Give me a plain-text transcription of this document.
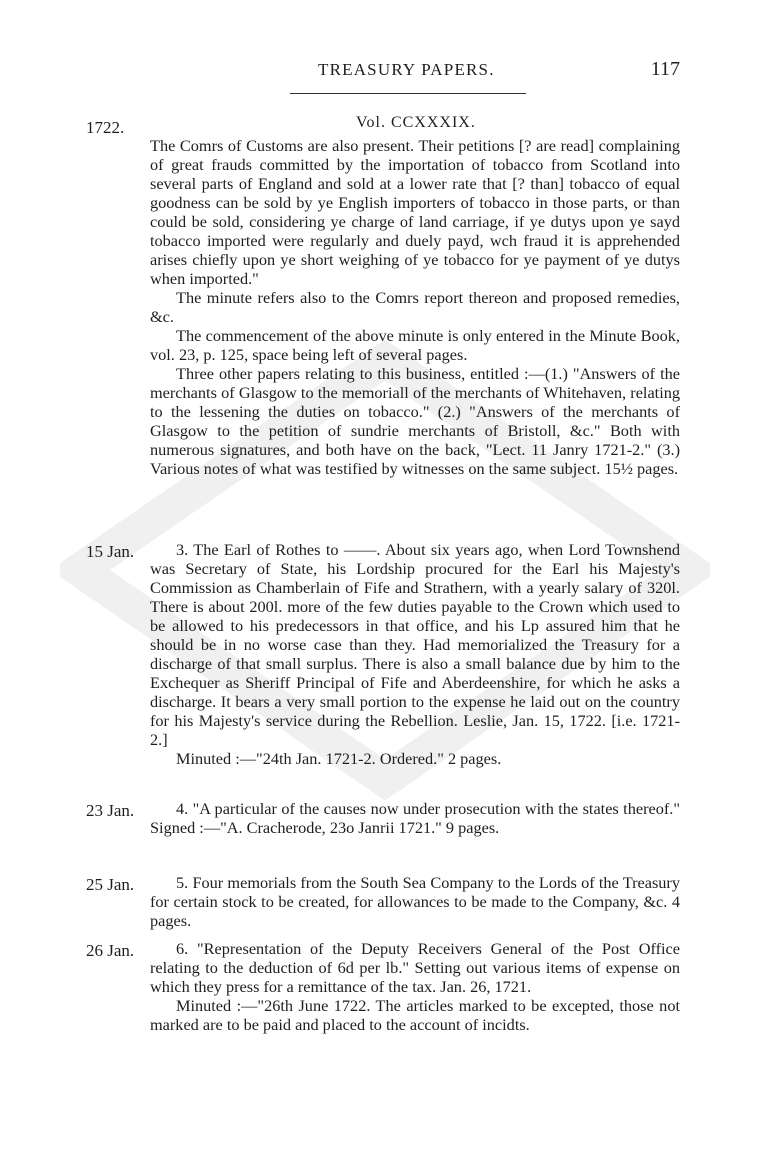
TREASURY PAPERS.	117
Vol. CCXXXIX.
1722.

The Comrs of Customs are also present. Their petitions [? are read] complaining of great frauds committed by the importation of tobacco from Scotland into several parts of England and sold at a lower rate that [? than] tobacco of equal goodness can be sold by ye English importers of tobacco in those parts, or than could be sold, considering ye charge of land carriage, if ye dutys upon ye sayd tobacco imported were regularly and duely payd, wch fraud it is apprehended arises chiefly upon ye short weighing of ye tobacco for ye payment of ye dutys when imported."

The minute refers also to the Comrs report thereon and proposed remedies, &c.

The commencement of the above minute is only entered in the Minute Book, vol. 23, p. 125, space being left of several pages.

Three other papers relating to this business, entitled :—(1.) "Answers of the merchants of Glasgow to the memoriall of the merchants of Whitehaven, relating to the lessening the duties on tobacco." (2.) "Answers of the merchants of Glasgow to the petition of sundrie merchants of Bristoll, &c." Both with numerous signatures, and both have on the back, "Lect. 11 Janry 1721-2." (3.) Various notes of what was testified by witnesses on the same subject. 15½ pages.

15 Jan.	3. The Earl of Rothes to ——. About six years ago, when Lord Townshend was Secretary of State, his Lordship procured for the Earl his Majesty's Commission as Chamberlain of Fife and Strathern, with a yearly salary of 320l. There is about 200l. more of the few duties payable to the Crown which used to be allowed to his predecessors in that office, and his Lp assured him that he should be in no worse case than they. Had memorialized the Treasury for a discharge of that small surplus. There is also a small balance due by him to the Exchequer as Sheriff Principal of Fife and Aberdeenshire, for which he asks a discharge. It bears a very small portion to the expense he laid out on the country for his Majesty's service during the Rebellion. Leslie, Jan. 15, 1722. [i.e. 1721-2.]

Minuted :—"24th Jan. 1721-2. Ordered." 2 pages.

23 Jan.	4. "A particular of the causes now under prosecution with the states thereof." Signed :—"A. Cracherode, 23o Janrii 1721." 9 pages.

25 Jan.	5. Four memorials from the South Sea Company to the Lords of the Treasury for certain stock to be created, for allowances to be made to the Company, &c. 4 pages.

26 Jan.	6. "Representation of the Deputy Receivers General of the Post Office relating to the deduction of 6d per lb." Setting out various items of expense on which they press for a remittance of the tax. Jan. 26, 1721.

Minuted :—"26th June 1722. The articles marked to be excepted, those not marked are to be paid and placed to the account of incidts.
